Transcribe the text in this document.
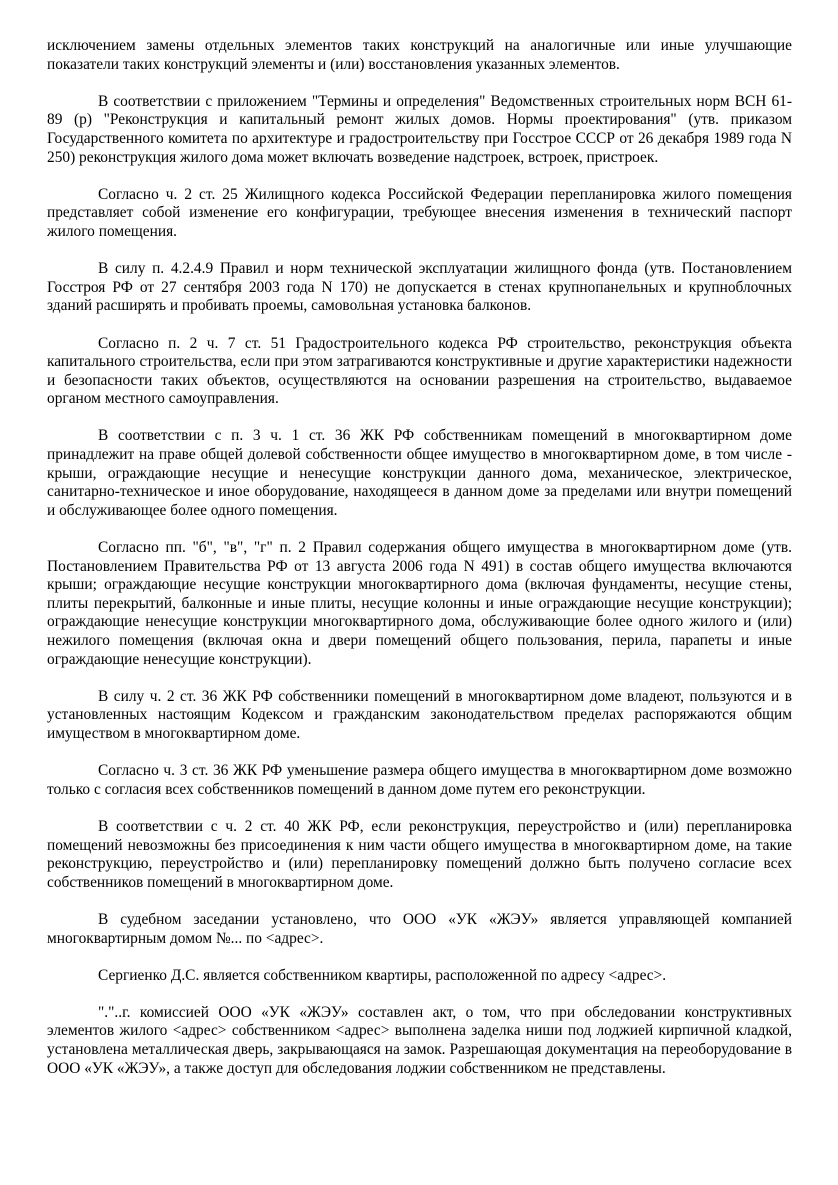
исключением замены отдельных элементов таких конструкций на аналогичные или иные улучшающие показатели таких конструкций элементы и (или) восстановления указанных элементов.

В соответствии с приложением "Термины и определения" Ведомственных строительных норм ВСН 61-89 (р) "Реконструкция и капитальный ремонт жилых домов. Нормы проектирования" (утв. приказом Государственного комитета по архитектуре и градостроительству при Госстрое СССР от 26 декабря 1989 года N 250) реконструкция жилого дома может включать возведение надстроек, встроек, пристроек.

Согласно ч. 2 ст. 25 Жилищного кодекса Российской Федерации перепланировка жилого помещения представляет собой изменение его конфигурации, требующее внесения изменения в технический паспорт жилого помещения.

В силу п. 4.2.4.9 Правил и норм технической эксплуатации жилищного фонда (утв. Постановлением Госстроя РФ от 27 сентября 2003 года N 170) не допускается в стенах крупнопанельных и крупноблочных зданий расширять и пробивать проемы, самовольная установка балконов.

Согласно п. 2 ч. 7 ст. 51 Градостроительного кодекса РФ строительство, реконструкция объекта капитального строительства, если при этом затрагиваются конструктивные и другие характеристики надежности и безопасности таких объектов, осуществляются на основании разрешения на строительство, выдаваемое органом местного самоуправления.

В соответствии с п. 3 ч. 1 ст. 36 ЖК РФ собственникам помещений в многоквартирном доме принадлежит на праве общей долевой собственности общее имущество в многоквартирном доме, в том числе - крыши, ограждающие несущие и ненесущие конструкции данного дома, механическое, электрическое, санитарно-техническое и иное оборудование, находящееся в данном доме за пределами или внутри помещений и обслуживающее более одного помещения.

Согласно пп. "б", "в", "г" п. 2 Правил содержания общего имущества в многоквартирном доме (утв. Постановлением Правительства РФ от 13 августа 2006 года N 491) в состав общего имущества включаются крыши; ограждающие несущие конструкции многоквартирного дома (включая фундаменты, несущие стены, плиты перекрытий, балконные и иные плиты, несущие колонны и иные ограждающие несущие конструкции); ограждающие ненесущие конструкции многоквартирного дома, обслуживающие более одного жилого и (или) нежилого помещения (включая окна и двери помещений общего пользования, перила, парапеты и иные ограждающие ненесущие конструкции).

В силу ч. 2 ст. 36 ЖК РФ собственники помещений в многоквартирном доме владеют, пользуются и в установленных настоящим Кодексом и гражданским законодательством пределах распоряжаются общим имуществом в многоквартирном доме.

Согласно ч. 3 ст. 36 ЖК РФ уменьшение размера общего имущества в многоквартирном доме возможно только с согласия всех собственников помещений в данном доме путем его реконструкции.

В соответствии с ч. 2 ст. 40 ЖК РФ, если реконструкция, переустройство и (или) перепланировка помещений невозможны без присоединения к ним части общего имущества в многоквартирном доме, на такие реконструкцию, переустройство и (или) перепланировку помещений должно быть получено согласие всех собственников помещений в многоквартирном доме.

В судебном заседании установлено, что ООО «УК «ЖЭУ» является управляющей компанией многоквартирным домом №... по <адрес>.

Сергиенко Д.С. является собственником квартиры, расположенной по адресу <адрес>.

"."..г. комиссией ООО «УК «ЖЭУ» составлен акт, о том, что при обследовании конструктивных элементов жилого <адрес> собственником <адрес> выполнена заделка ниши под лоджией кирпичной кладкой, установлена металлическая дверь, закрывающаяся на замок. Разрешающая документация на переоборудование в ООО «УК «ЖЭУ», а также доступ для обследования лоджии собственником не представлены.
